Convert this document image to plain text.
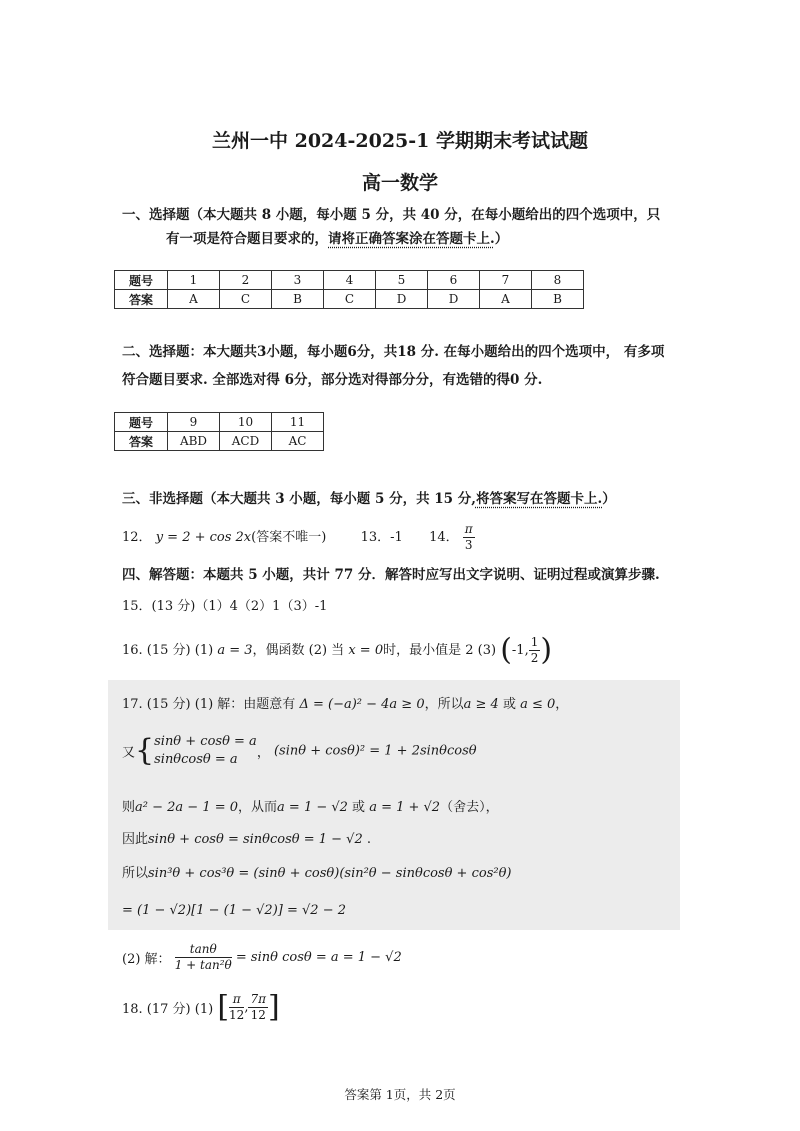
兰州一中 2024-2025-1 学期期末考试试题
高一数学
一、选择题（本大题共 8 小题，每小题 5 分，共 40 分，在每小题给出的四个选项中，只
有一项是符合题目要求的，请将正确答案涂在答题卡上.）
题号	1	2	3	4	5	6	7	8
答案	A	C	B	C	D	D	A	B
二、选择题：本大题共3小题，每小题6分，共18 分. 在每小题给出的四个选项中， 有多项
符合题目要求. 全部选对得 6分，部分选对得部分分，有选错的得0 分.
题号	9	10	11
答案	ABD	ACD	AC
三、非选择题（本大题共 3 小题，每小题 5 分，共 15 分,将答案写在答题卡上.）
12． y = 2 + cos 2x(答案不唯一)	13．-1 14． $\frac{\pi}{3}$
四、解答题：本题共 5 小题，共计 77 分．解答时应写出文字说明、证明过程或演算步骤.
15．(13 分)（1）4（2）1（3）-1
16. (15 分) (1) a = 3，偶函数 (2) 当 x = 0时，最小值是 2 (3) (-1, $\frac{1}{2}$ )
17. (15 分) (1) 解：由题意有 Δ = (−a)² − 4a ≥ 0，所以a ≥ 4 或 a ≤ 0，
又{ sinθ + cosθ = a
sinθcosθ = a	， (sinθ + cosθ)² = 1 + 2sinθcosθ
则a² − 2a − 1 = 0，从而a = 1 − √2 或 a = 1 + √2（舍去），
因此sinθ + cosθ = sinθcosθ = 1 − √2 .
所以sin³θ + cos³θ = (sinθ + cosθ)(sin²θ − sinθcosθ + cos²θ)
= (1 − √2)[1 − (1 − √2)] = √2 − 2
(2) 解： $\frac{\tan\theta}{\text{1 + tan²θ}} = \sin\theta$ cosθ = a = 1 − √2
18. (17 分) (1) [ $\frac{\pi}{12}$ , $\frac{7\pi}{12}$ ]
答案第 1页，共 2页
